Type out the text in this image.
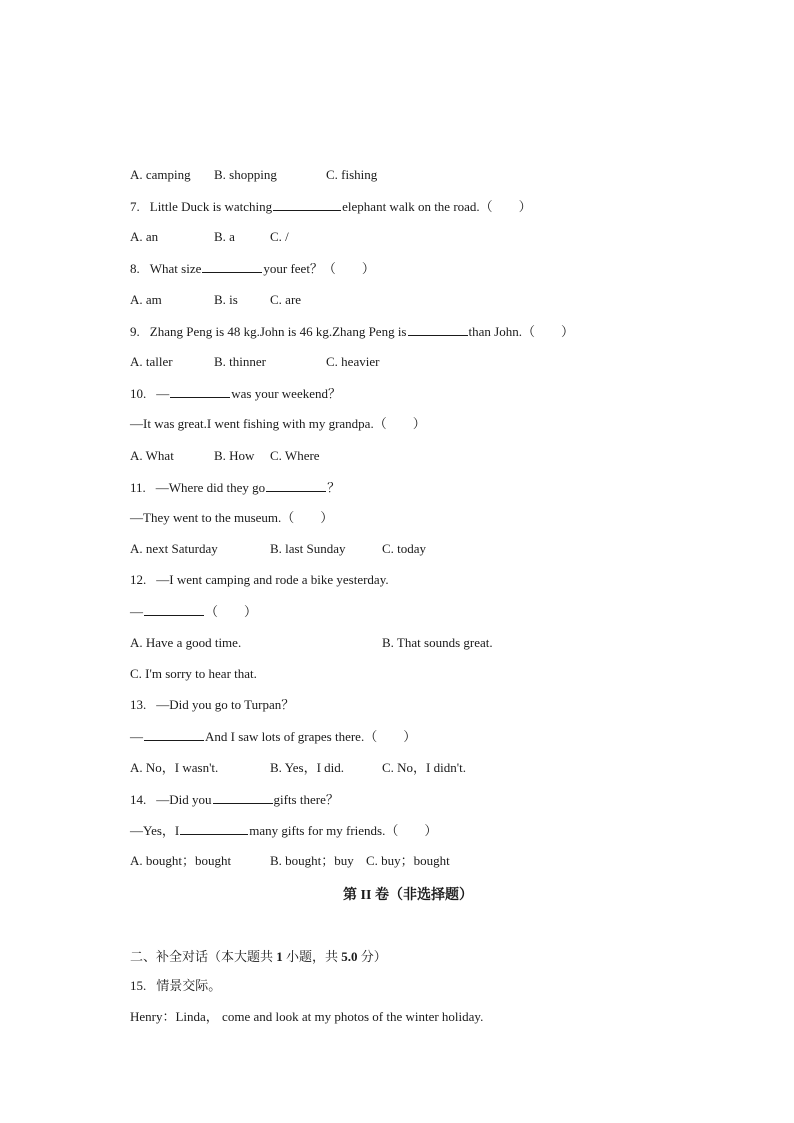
A. camping B. shopping	C. fishing
7. Little Duck is watching	elephant walk on the road.（　　）
A. an	B. a	C. /
8. What size	your feet？（　　）
A. am	B. is C. are
9. Zhang Peng is 48 kg.John is 46 kg.Zhang Peng is	than John.（　　）
A. taller	B. thinner	C. heavier
10. —	was your weekend？
—It was great.I went fishing with my grandpa.（　　）
A. What	B. How C. Where
11. —Where did they go	？
—They went to the museum.（　　）
A. next Saturday	B. last Sunday	C. today
12. —I went camping and rode a bike yesterday.
—	（　　）
A. Have a good time.	B. That sounds great.
C. I'm sorry to hear that.
13. —Did you go to Turpan？
—	And I saw lots of grapes there.（　　）
A. No，I wasn't.	B. Yes，I did.	C. No，I didn't.
14. —Did you	gifts there？
—Yes，I	many gifts for my friends.（　　）
A. bought；bought	B. bought；buy C. buy；bought
第 II 卷（非选择题）
二、补全对话（本大题共 1 小题，共 5.0 分）
15. 情景交际。
Henry：Linda， come and look at my photos of the winter holiday.
